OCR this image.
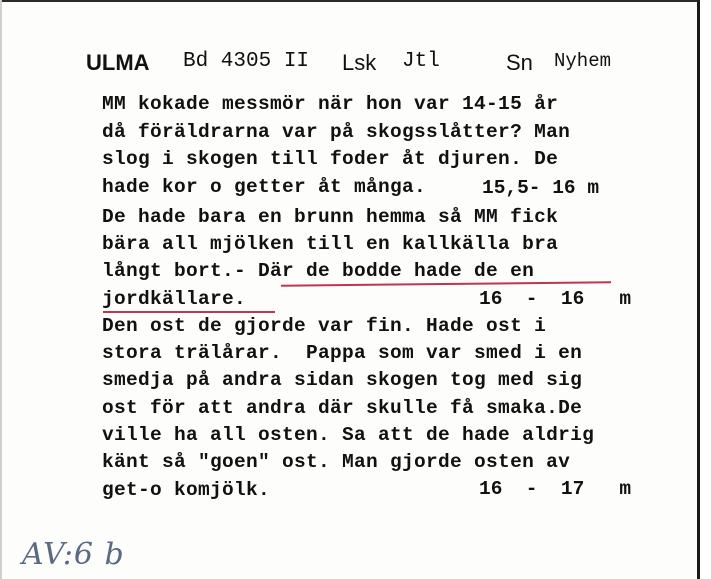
ULMA Bd 4305 II Lsk Jtl	Sn Nyhem
MM kokade messmör när hon var 14-15 år
då föräldrarna var på skogsslåtter? Man
slog i skogen till foder åt djuren. De
hade kor o getter åt många.	15,5- 16 m
De hade bara en brunn hemma så MM fick
bära all mjölken till en kallkälla bra
långt bort.- Där de bodde hade de en
jordkällare.	16  -  16   m
Den ost de gjorde var fin. Hade ost i
stora trälårar.  Pappa som var smed i en
smedja på andra sidan skogen tog med sig
ost för att andra där skulle få smaka.De
ville ha all osten. Sa att de hade aldrig
känt så "goen" ost. Man gjorde osten av
get-o komjölk.	16  -  17   m
AV:6 b
